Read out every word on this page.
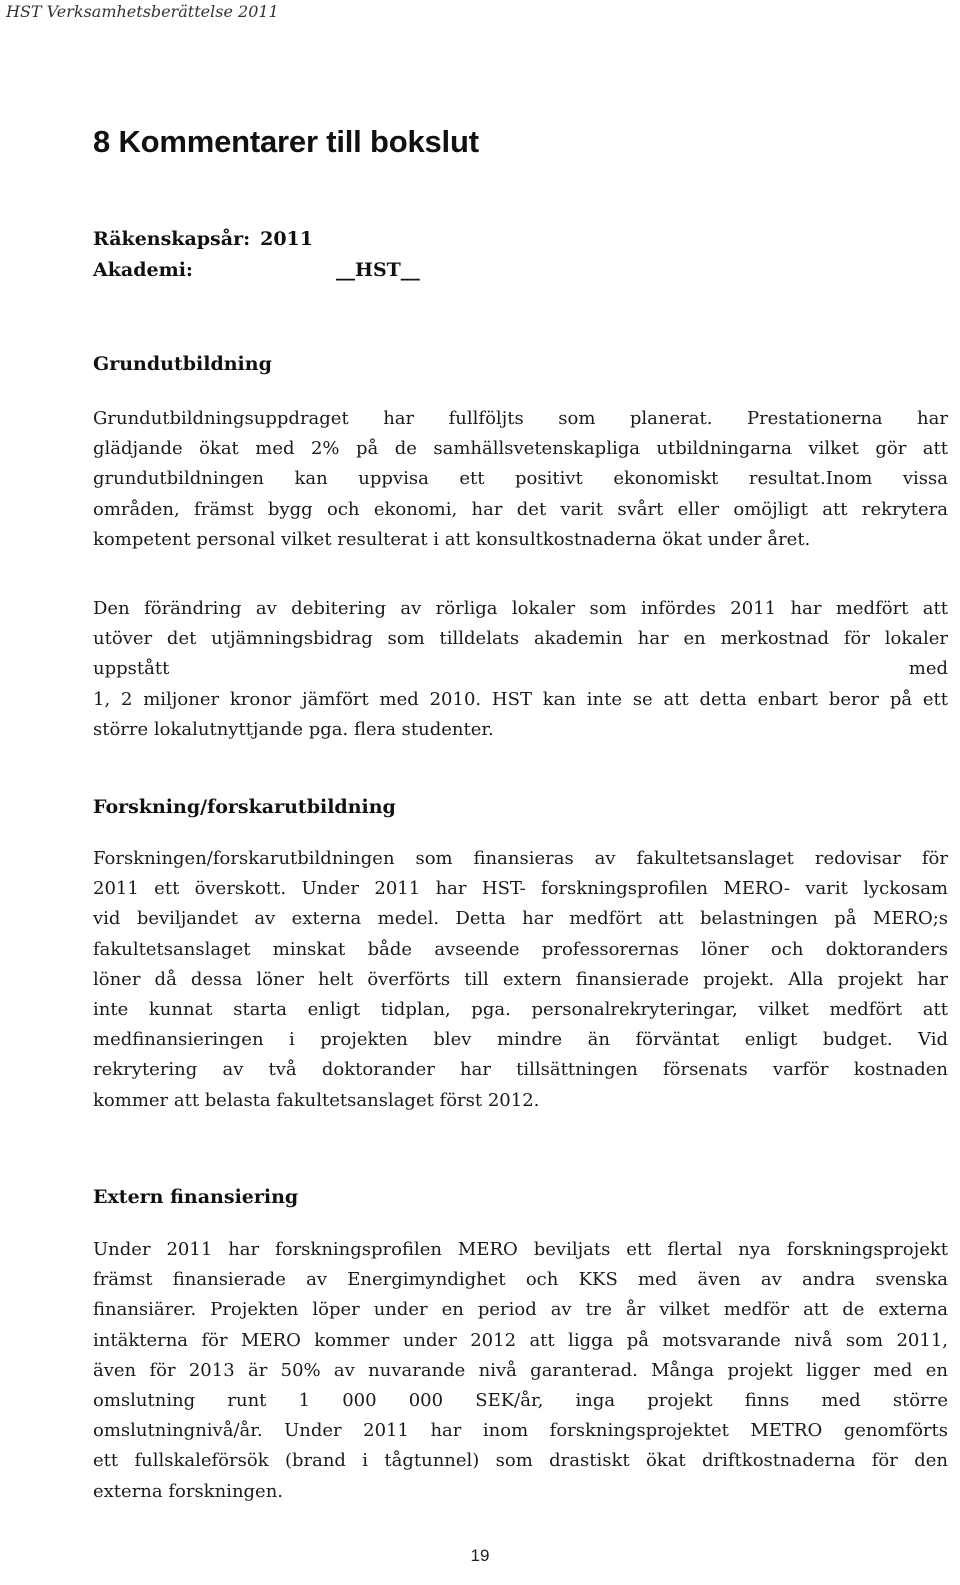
HST Verksamhetsberättelse 2011
8 Kommentarer till bokslut
Räkenskapsår: 2011
Akademi:	__HST__
Grundutbildning
Grundutbildningsuppdraget har fullföljts som planerat. Prestationerna har
glädjande ökat med 2% på de samhällsvetenskapliga utbildningarna vilket gör att
grundutbildningen kan uppvisa ett positivt ekonomiskt resultat.Inom vissa
områden, främst bygg och ekonomi, har det varit svårt eller omöjligt att rekrytera
kompetent personal vilket resulterat i att konsultkostnaderna ökat under året.
Den förändring av debitering av rörliga lokaler som infördes 2011 har medfört att
utöver det utjämningsbidrag som tilldelats akademin har en merkostnad för lokaler
uppstått med
1, 2 miljoner kronor jämfört med 2010. HST kan inte se att detta enbart beror på ett
större lokalutnyttjande pga. flera studenter.
Forskning/forskarutbildning
Forskningen/forskarutbildningen som finansieras av fakultetsanslaget redovisar för
2011 ett överskott. Under 2011 har HST- forskningsprofilen MERO- varit lyckosam
vid beviljandet av externa medel. Detta har medfört att belastningen på MERO;s
fakultetsanslaget minskat både avseende professorernas löner och doktoranders
löner då dessa löner helt överförts till extern finansierade projekt. Alla projekt har
inte kunnat starta enligt tidplan, pga. personalrekryteringar, vilket medfört att
medfinansieringen i projekten blev mindre än förväntat enligt budget. Vid
rekrytering av två doktorander har tillsättningen försenats varför kostnaden
kommer att belasta fakultetsanslaget först 2012.
Extern finansiering
Under 2011 har forskningsprofilen MERO beviljats ett flertal nya forskningsprojekt
främst finansierade av Energimyndighet och KKS med även av andra svenska
finansiärer. Projekten löper under en period av tre år vilket medför att de externa
intäkterna för MERO kommer under 2012 att ligga på motsvarande nivå som 2011,
även för 2013 är 50% av nuvarande nivå garanterad. Många projekt ligger med en
omslutning runt 1 000 000 SEK/år, inga projekt finns med större
omslutningnivå/år. Under 2011 har inom forskningsprojektet METRO genomförts
ett fullskaleförsök (brand i tågtunnel) som drastiskt ökat driftkostnaderna för den
externa forskningen.
19
